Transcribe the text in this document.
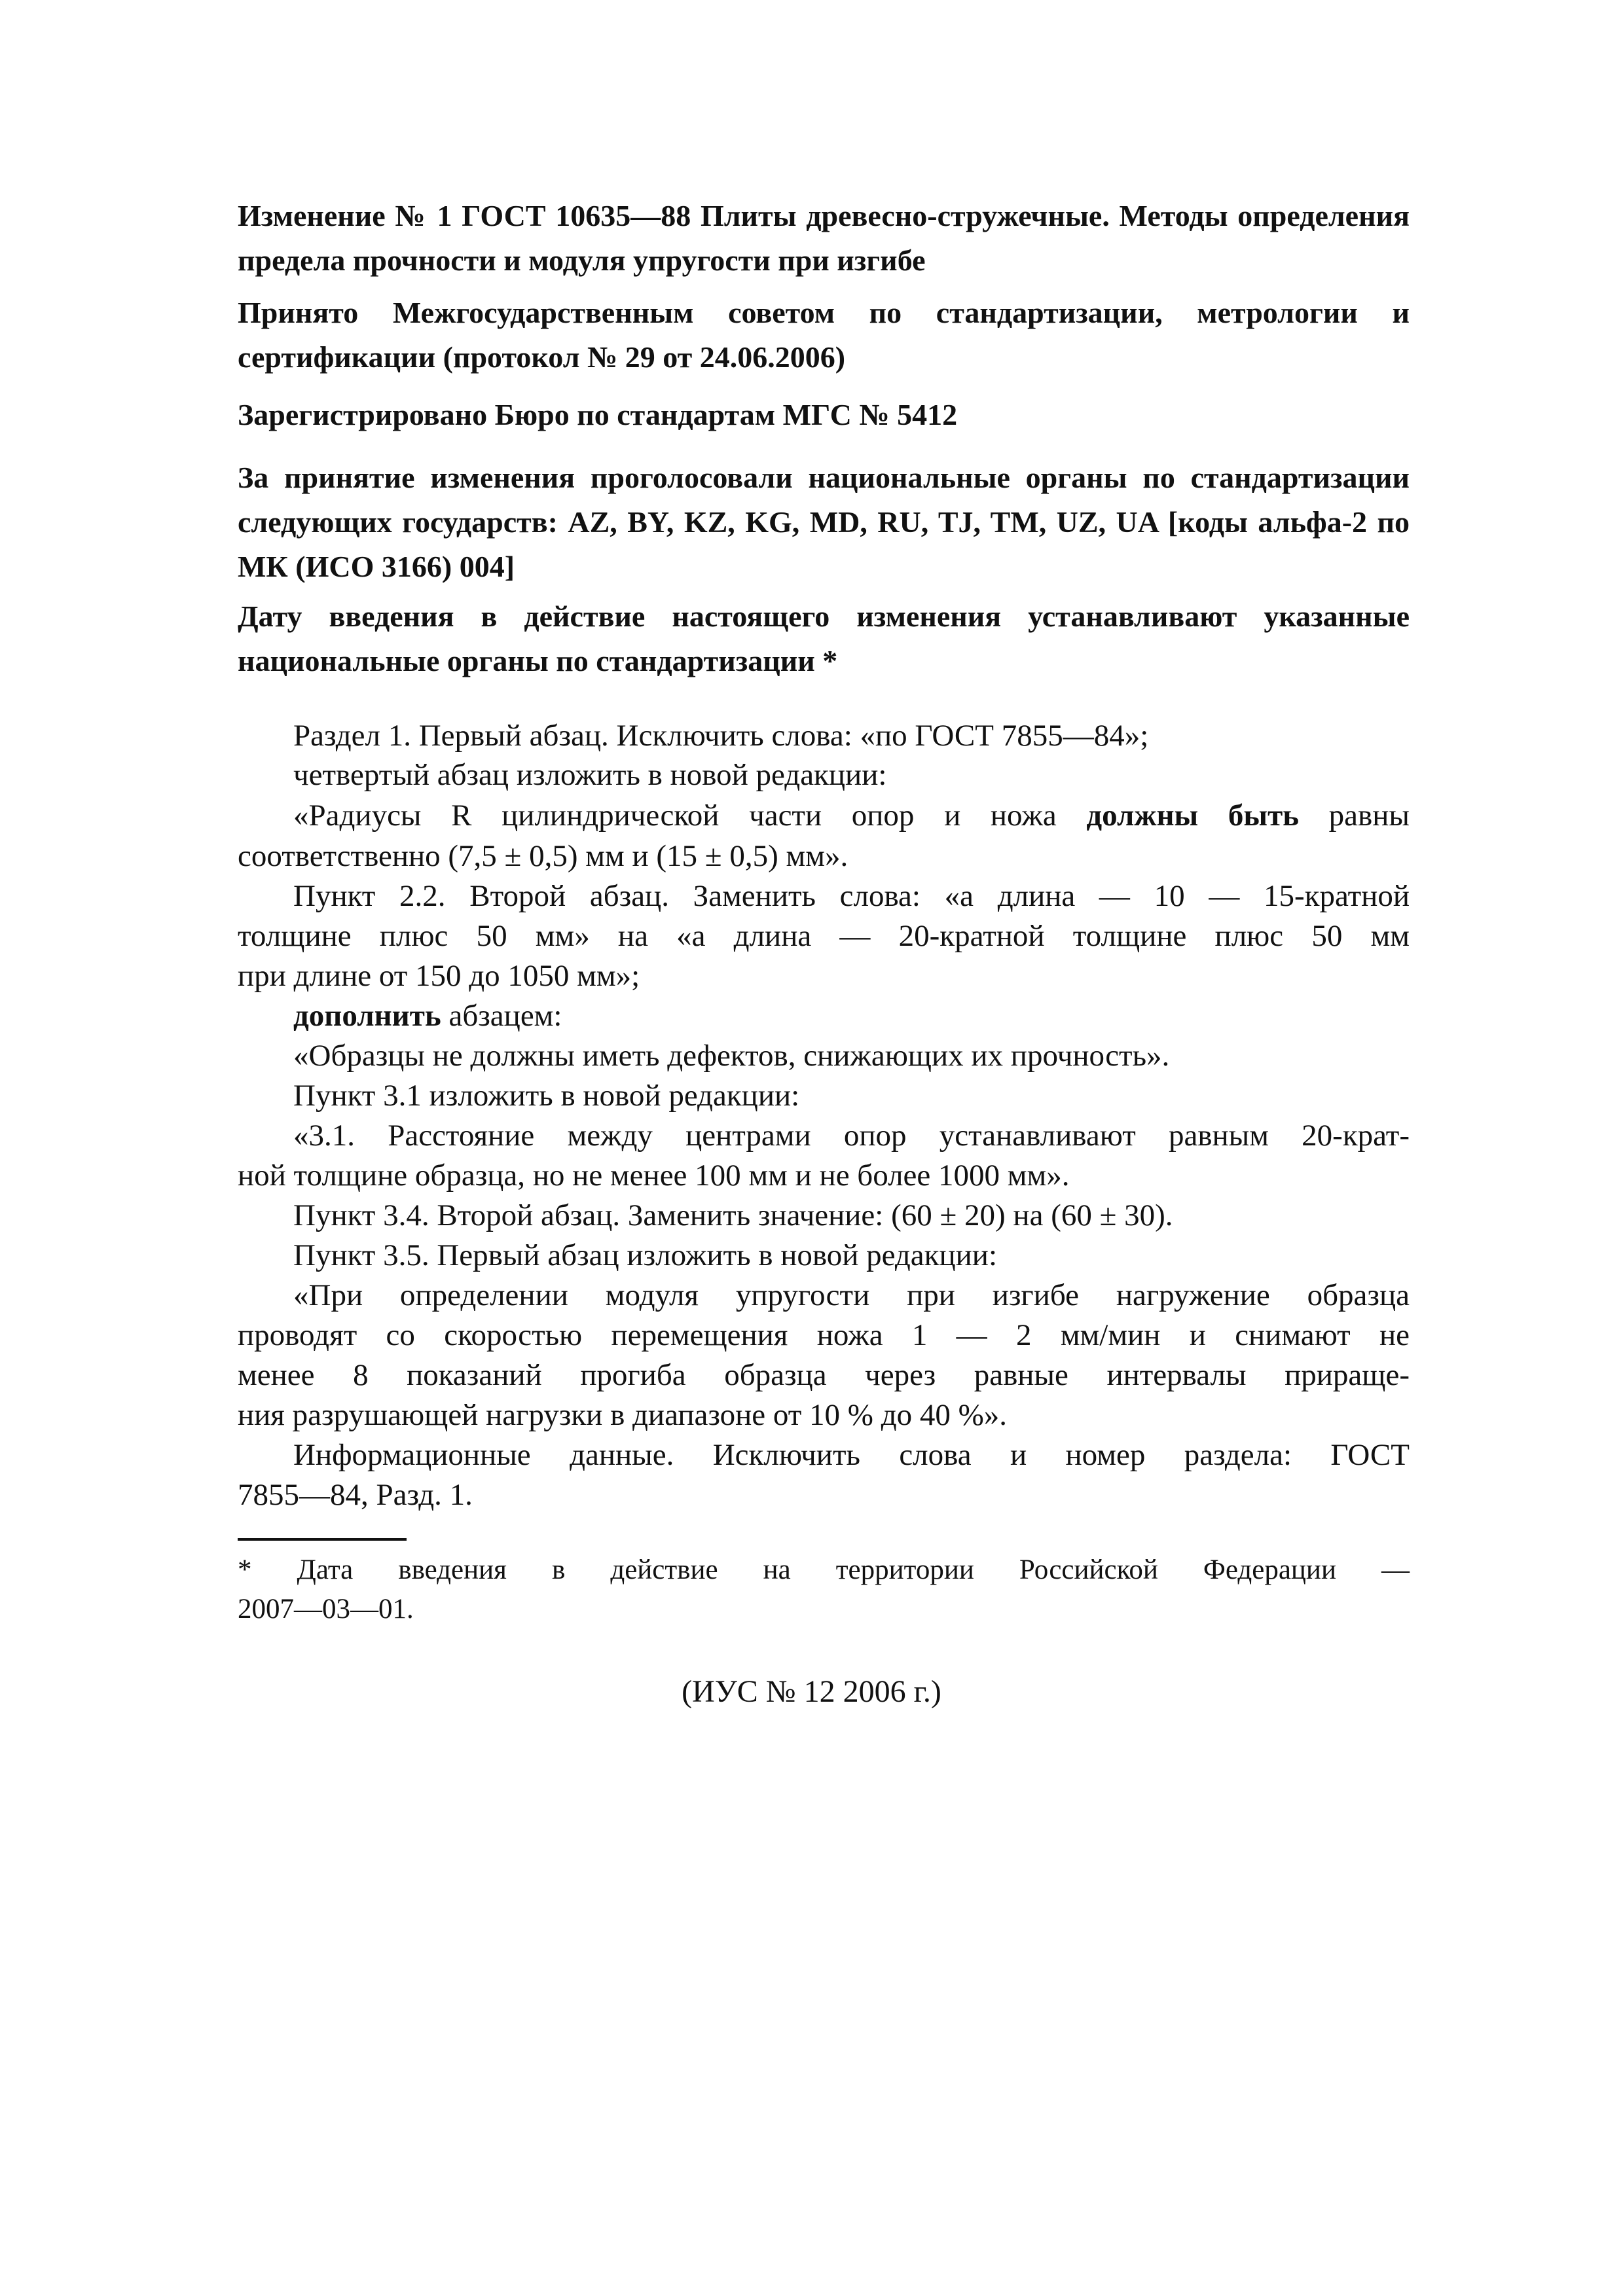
Изменение № 1 ГОСТ 10635—88 Плиты древесно-стружечные. Методы определения предела прочности и модуля упругости при изгибе

Принято Межгосударственным советом по стандартизации, метрологии и сертификации (протокол № 29 от 24.06.2006)

Зарегистрировано Бюро по стандартам МГС № 5412

За принятие изменения проголосовали национальные органы по стандартизации следующих государств: AZ, BY, KZ, KG, MD, RU, TJ, TM, UZ, UA [коды альфа-2 по МК (ИСО 3166) 004]

Дату введения в действие настоящего изменения устанавливают указанные национальные органы по стандартизации *

Раздел 1. Первый абзац. Исключить слова: «по ГОСТ 7855—84»;
четвертый абзац изложить в новой редакции:
«Радиусы R цилиндрической части опор и ножа должны быть равны
соответственно (7,5 ± 0,5) мм и (15 ± 0,5) мм».
Пункт 2.2. Второй абзац. Заменить слова: «а длина — 10 — 15-кратной
толщине плюс 50 мм» на «а длина — 20-кратной толщине плюс 50 мм
при длине от 150 до 1050 мм»;
дополнить абзацем:
«Образцы не должны иметь дефектов, снижающих их прочность».
Пункт 3.1 изложить в новой редакции:
«3.1. Расстояние между центрами опор устанавливают равным 20-крат-
ной толщине образца, но не менее 100 мм и не более 1000 мм».
Пункт 3.4. Второй абзац. Заменить значение: (60 ± 20) на (60 ± 30).
Пункт 3.5. Первый абзац изложить в новой редакции:
«При определении модуля упругости при изгибе нагружение образца
проводят со скоростью перемещения ножа 1 — 2 мм/мин и снимают не
менее 8 показаний прогиба образца через равные интервалы прираще-
ния разрушающей нагрузки в диапазоне от 10 % до 40 %».
Информационные данные. Исключить слова и номер раздела: ГОСТ
7855—84, Разд. 1.
* Дата введения в действие на территории Российской Федерации —
2007—03—01.
(ИУС № 12 2006 г.)
